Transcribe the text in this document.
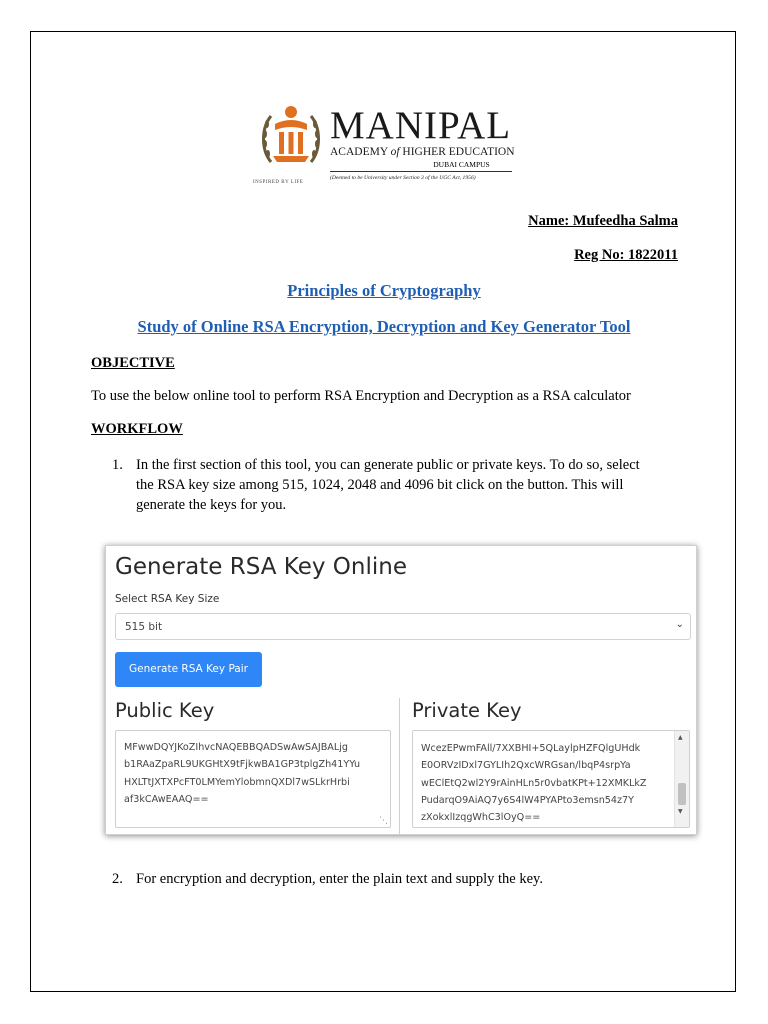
MANIPAL
ACADEMY of HIGHER EDUCATION
DUBAI CAMPUS
(Deemed to be University under Section 3 of the UGC Act, 1956)
INSPIRED BY LIFE
Name: Mufeedha Salma
Reg No: 1822011
Principles of Cryptography
Study of Online RSA Encryption, Decryption and Key Generator Tool
OBJECTIVE
To use the below online tool to perform RSA Encryption and Decryption as a RSA calculator
WORKFLOW
1. In the first section of this tool, you can generate public or private keys. To do so, select
the RSA key size among 515, 1024, 2048 and 4096 bit click on the button. This will
generate the keys for you.
Generate RSA Key Online
Select RSA Key Size
515 bit	⌄
Generate RSA Key Pair
Public Key	Private Key
MFwwDQYJKoZIhvcNAQEBBQADSwAwSAJBALjg
b1RAaZpaRL9UKGHtX9tFjkwBA1GP3tplgZh41YYu
HXLTtJXTXPcFT0LMYemYlobmnQXDl7wSLkrHrbi
af3kCAwEAAQ==
⋱
WcezEPwmFAll/7XXBHI+5QLaylpHZFQlgUHdk
E0ORVzIDxl7GYLIh2QxcWRGsan/lbqP4srpYa
wEClEtQ2wl2Y9rAinHLn5r0vbatKPt+12XMKLkZ
PudarqO9AiAQ7y6S4lW4PYAPto3emsn54z7Y
zXokxlIzqgWhC3lOyQ==
▲
▼
2. For encryption and decryption, enter the plain text and supply the key.
